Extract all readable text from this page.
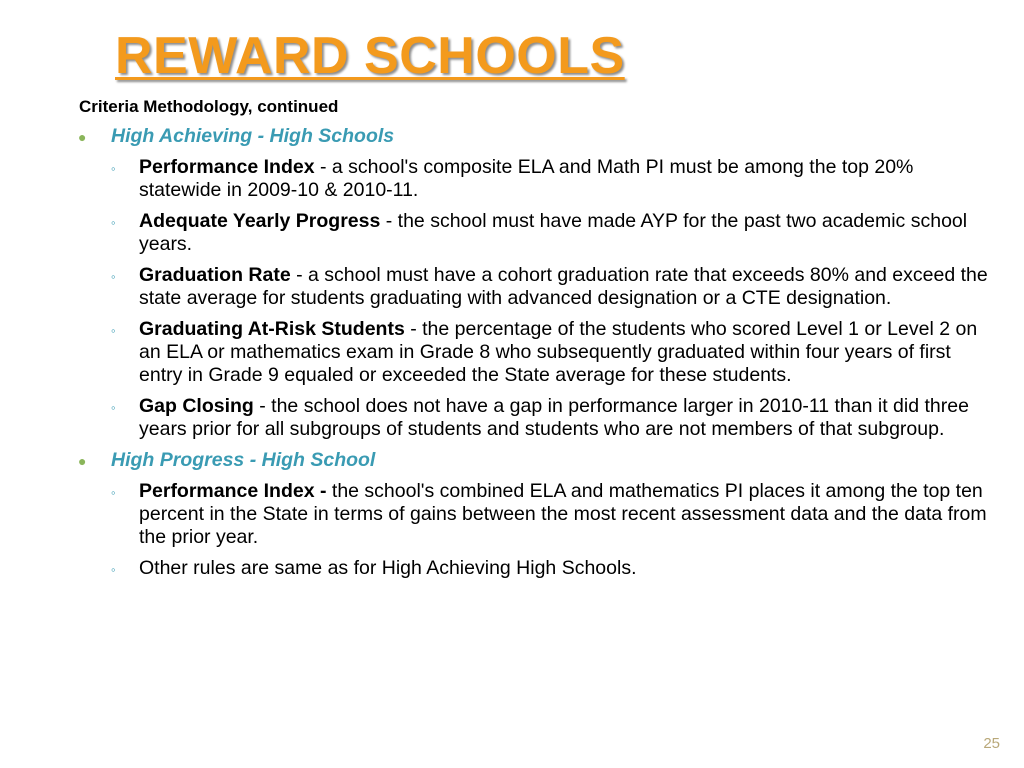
REWARD SCHOOLS
Criteria Methodology, continued
●	High Achieving - High Schools
◦	Performance Index - a school's composite ELA and Math PI must be among the top 20% statewide in 2009-10 & 2010-11.
◦	Adequate Yearly Progress - the school must have made AYP for the past two academic school years.
◦	Graduation Rate - a school must have a cohort graduation rate that exceeds 80% and exceed the state average for students graduating with advanced designation or a CTE designation.
◦	Graduating At-Risk Students - the percentage of the students who scored Level 1 or Level 2 on an ELA or mathematics exam in Grade 8 who subsequently graduated within four years of first entry in Grade 9 equaled or exceeded the State average for these students.
◦	Gap Closing - the school does not have a gap in performance larger in 2010-11 than it did three years prior for all subgroups of students and students who are not members of that subgroup.
●	High Progress - High School
◦	Performance Index - the school's combined ELA and mathematics PI places it among the top ten percent in the State in terms of gains between the most recent assessment data and the data from the prior year.
◦	Other rules are same as for High Achieving High Schools.
25
